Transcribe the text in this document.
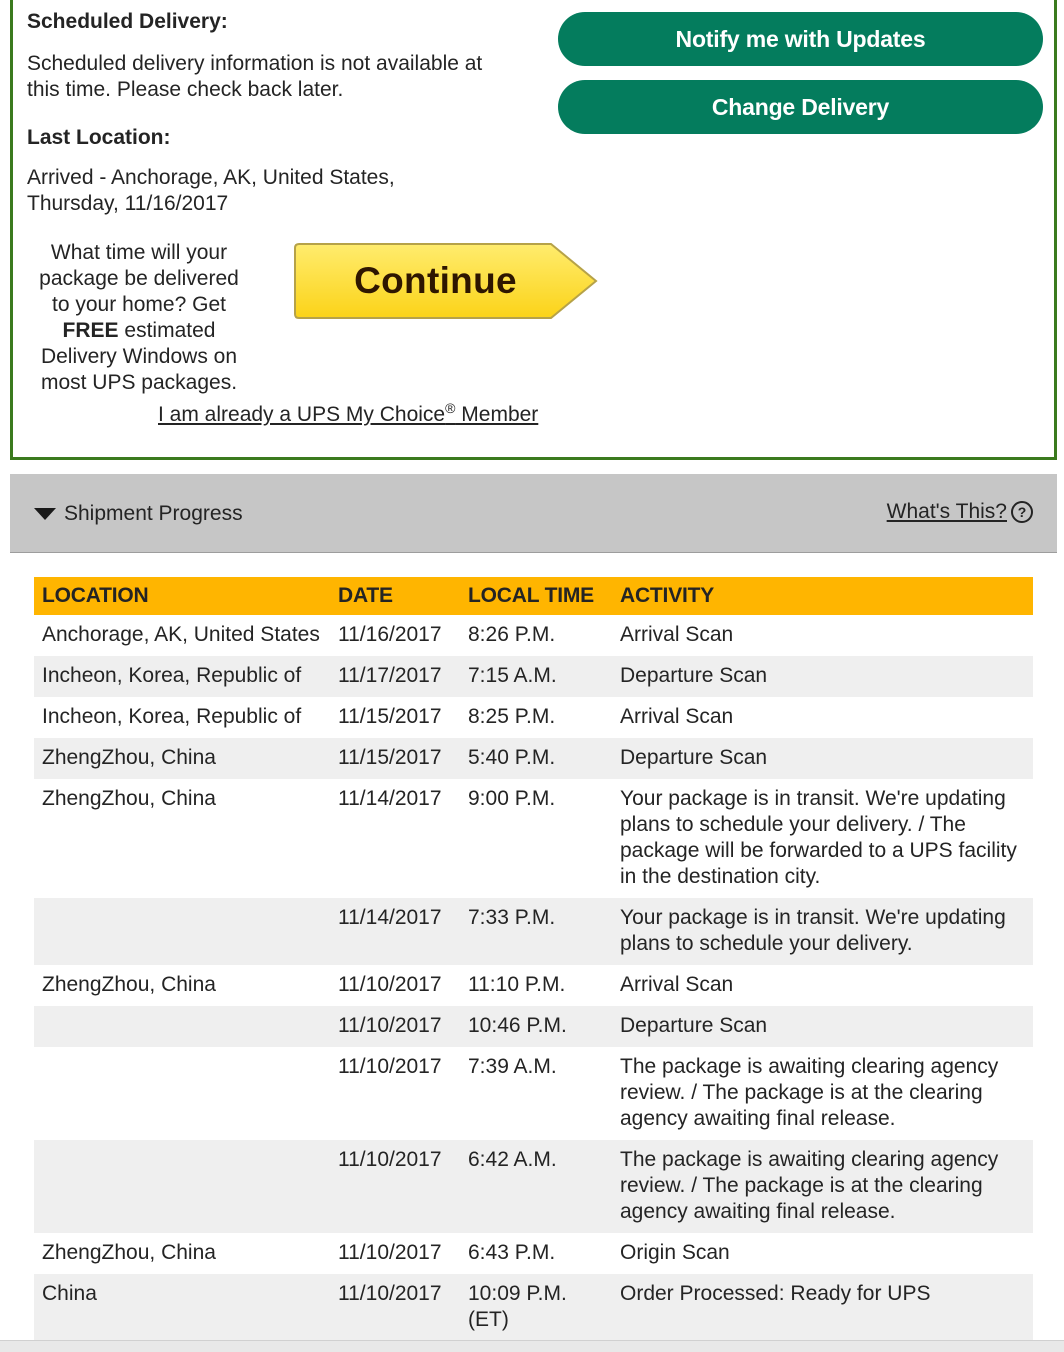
Scheduled Delivery:
Scheduled delivery information is not available at this time. Please check back later.
Last Location:
Arrived - Anchorage, AK, United States,
Thursday, 11/16/2017
Notify me with Updates
Change Delivery
What time will your package be delivered to your home? Get FREE estimated Delivery Windows on most UPS packages.
Continue
I am already a UPS My Choice® Member
Shipment Progress	What's This? ?
LOCATION	DATE	LOCAL TIME	ACTIVITY
Anchorage, AK, United States	11/16/2017	8:26 P.M.	Arrival Scan
Incheon, Korea, Republic of	11/17/2017	7:15 A.M.	Departure Scan
Incheon, Korea, Republic of	11/15/2017	8:25 P.M.	Arrival Scan
ZhengZhou, China	11/15/2017	5:40 P.M.	Departure Scan
ZhengZhou, China	11/14/2017	9:00 P.M.	Your package is in transit. We're updating plans to schedule your delivery. / The package will be forwarded to a UPS facility in the destination city.
	11/14/2017	7:33 P.M.	Your package is in transit. We're updating plans to schedule your delivery.
ZhengZhou, China	11/10/2017	11:10 P.M.	Arrival Scan
	11/10/2017	10:46 P.M.	Departure Scan
	11/10/2017	7:39 A.M.	The package is awaiting clearing agency review. / The package is at the clearing agency awaiting final release.
	11/10/2017	6:42 A.M.	The package is awaiting clearing agency review. / The package is at the clearing agency awaiting final release.
ZhengZhou, China	11/10/2017	6:43 P.M.	Origin Scan
China	11/10/2017	10:09 P.M. (ET)	Order Processed: Ready for UPS
